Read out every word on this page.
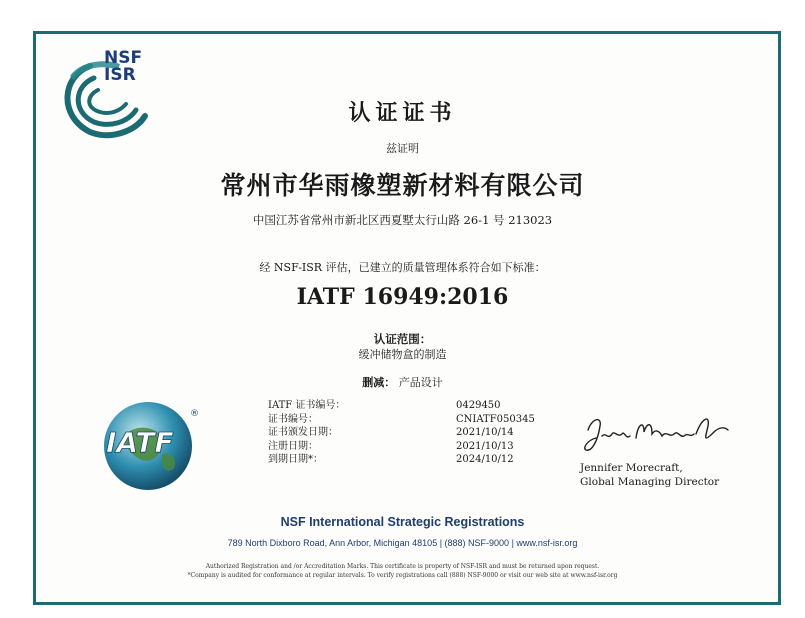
NSF
ISR
认证证书
兹证明
常州市华雨橡塑新材料有限公司
中国江苏省常州市新北区西夏墅太行山路 26-1 号 213023
经 NSF-ISR 评估，已建立的质量管理体系符合如下标准：
IATF 16949:2016
认证范围：
缓冲储物盒的制造
删减： 产品设计
IATF 证书编号：	0429450
证书编号：	CNIATF050345
证书颁发日期：	2021/10/14
注册日期：	2021/10/13
到期日期*：	2024/10/12
IATF
®
Jennifer Morecraft,
Global Managing Director
NSF International Strategic Registrations
789 North Dixboro Road, Ann Arbor, Michigan 48105 | (888) NSF-9000 | www.nsf-isr.org
Authorized Registration and /or Accreditation Marks. This certificate is property of NSF-ISR and must be returned upon request.
*Company is audited for conformance at regular intervals. To verify registrations call (888) NSF-9000 or visit our web site at www.nsf-isr.org
